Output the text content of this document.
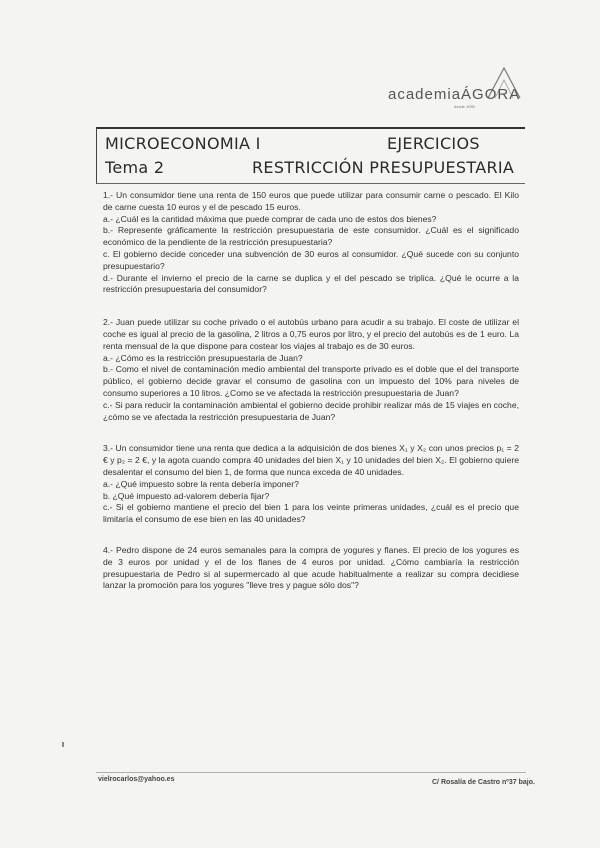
academiaÁGORA
desde 1990
MICROECONOMIA I	EJERCICIOS
Tema 2	RESTRICCIÓN PRESUPUESTARIA

1.- Un consumidor tiene una renta de 150 euros que puede utilizar para consumir carne o pescado. El Kilo de carne cuesta 10 euros y el de pescado 15 euros.

a.- ¿Cuál es la cantidad máxima que puede comprar de cada uno de estos dos bienes?

b.- Represente gráficamente la restricción presupuestaria de este consumidor. ¿Cuál es el significado económico de la pendiente de la restricción presupuestaria?

c. El gobierno decide conceder una subvención de 30 euros al consumidor. ¿Qué sucede con su conjunto presupuestario?

d.- Durante el invierno el precio de la carne se duplica y el del pescado se triplica. ¿Qué le ocurre a la restricción presupuestaria del consumidor?

2.- Juan puede utilizar su coche privado o el autobús urbano para acudir a su trabajo. El coste de utilizar el coche es igual al precio de la gasolina, 2 litros a 0,75 euros por litro, y el precio del autobús es de 1 euro. La renta mensual de la que dispone para costear los viajes al trabajo es de 30 euros.

a.- ¿Cómo es la restricción presupuestaria de Juan?

b.- Como el nivel de contaminación medio ambiental del transporte privado es el doble que el del transporte público, el gobierno decide gravar el consumo de gasolina con un impuesto del 10% para niveles de consumo superiores a 10 litros. ¿Como se ve afectada la restricción presupuestaria de Juan?

c.- Si para reducir la contaminación ambiental el gobierno decide prohibir realizar más de 15 viajes en coche, ¿cómo se ve afectada la restricción presupuestaria de Juan?

3.- Un consumidor tiene una renta que dedica a la adquisición de dos bienes X₁ y X₂ con unos precios p₁ = 2 € y p₂ = 2 €, y la agota cuando compra 40 unidades del bien X₁ y 10 unidades del bien X₂. El gobierno quiere desalentar el consumo del bien 1, de forma que nunca exceda de 40 unidades.

a.- ¿Qué impuesto sobre la renta debería imponer?

b. ¿Qué impuesto ad-valorem debería fijar?

c.- Si el gobierno mantiene el precio del bien 1 para los veinte primeras unidades, ¿cuál es el precio que limitaría el consumo de ese bien en las 40 unidades?

4.- Pedro dispone de 24 euros semanales para la compra de yogures y flanes. El precio de los yogures es de 3 euros por unidad y el de los flanes de 4 euros por unidad. ¿Cómo cambiaría la restricción presupuestaria de Pedro si al supermercado al que acude habitualmente a realizar su compra decidiese lanzar la promoción para los yogures "lleve tres y pague sólo dos"?

vielrocarlos@yahoo.es	C/ Rosalía de Castro nº37 bajo.
